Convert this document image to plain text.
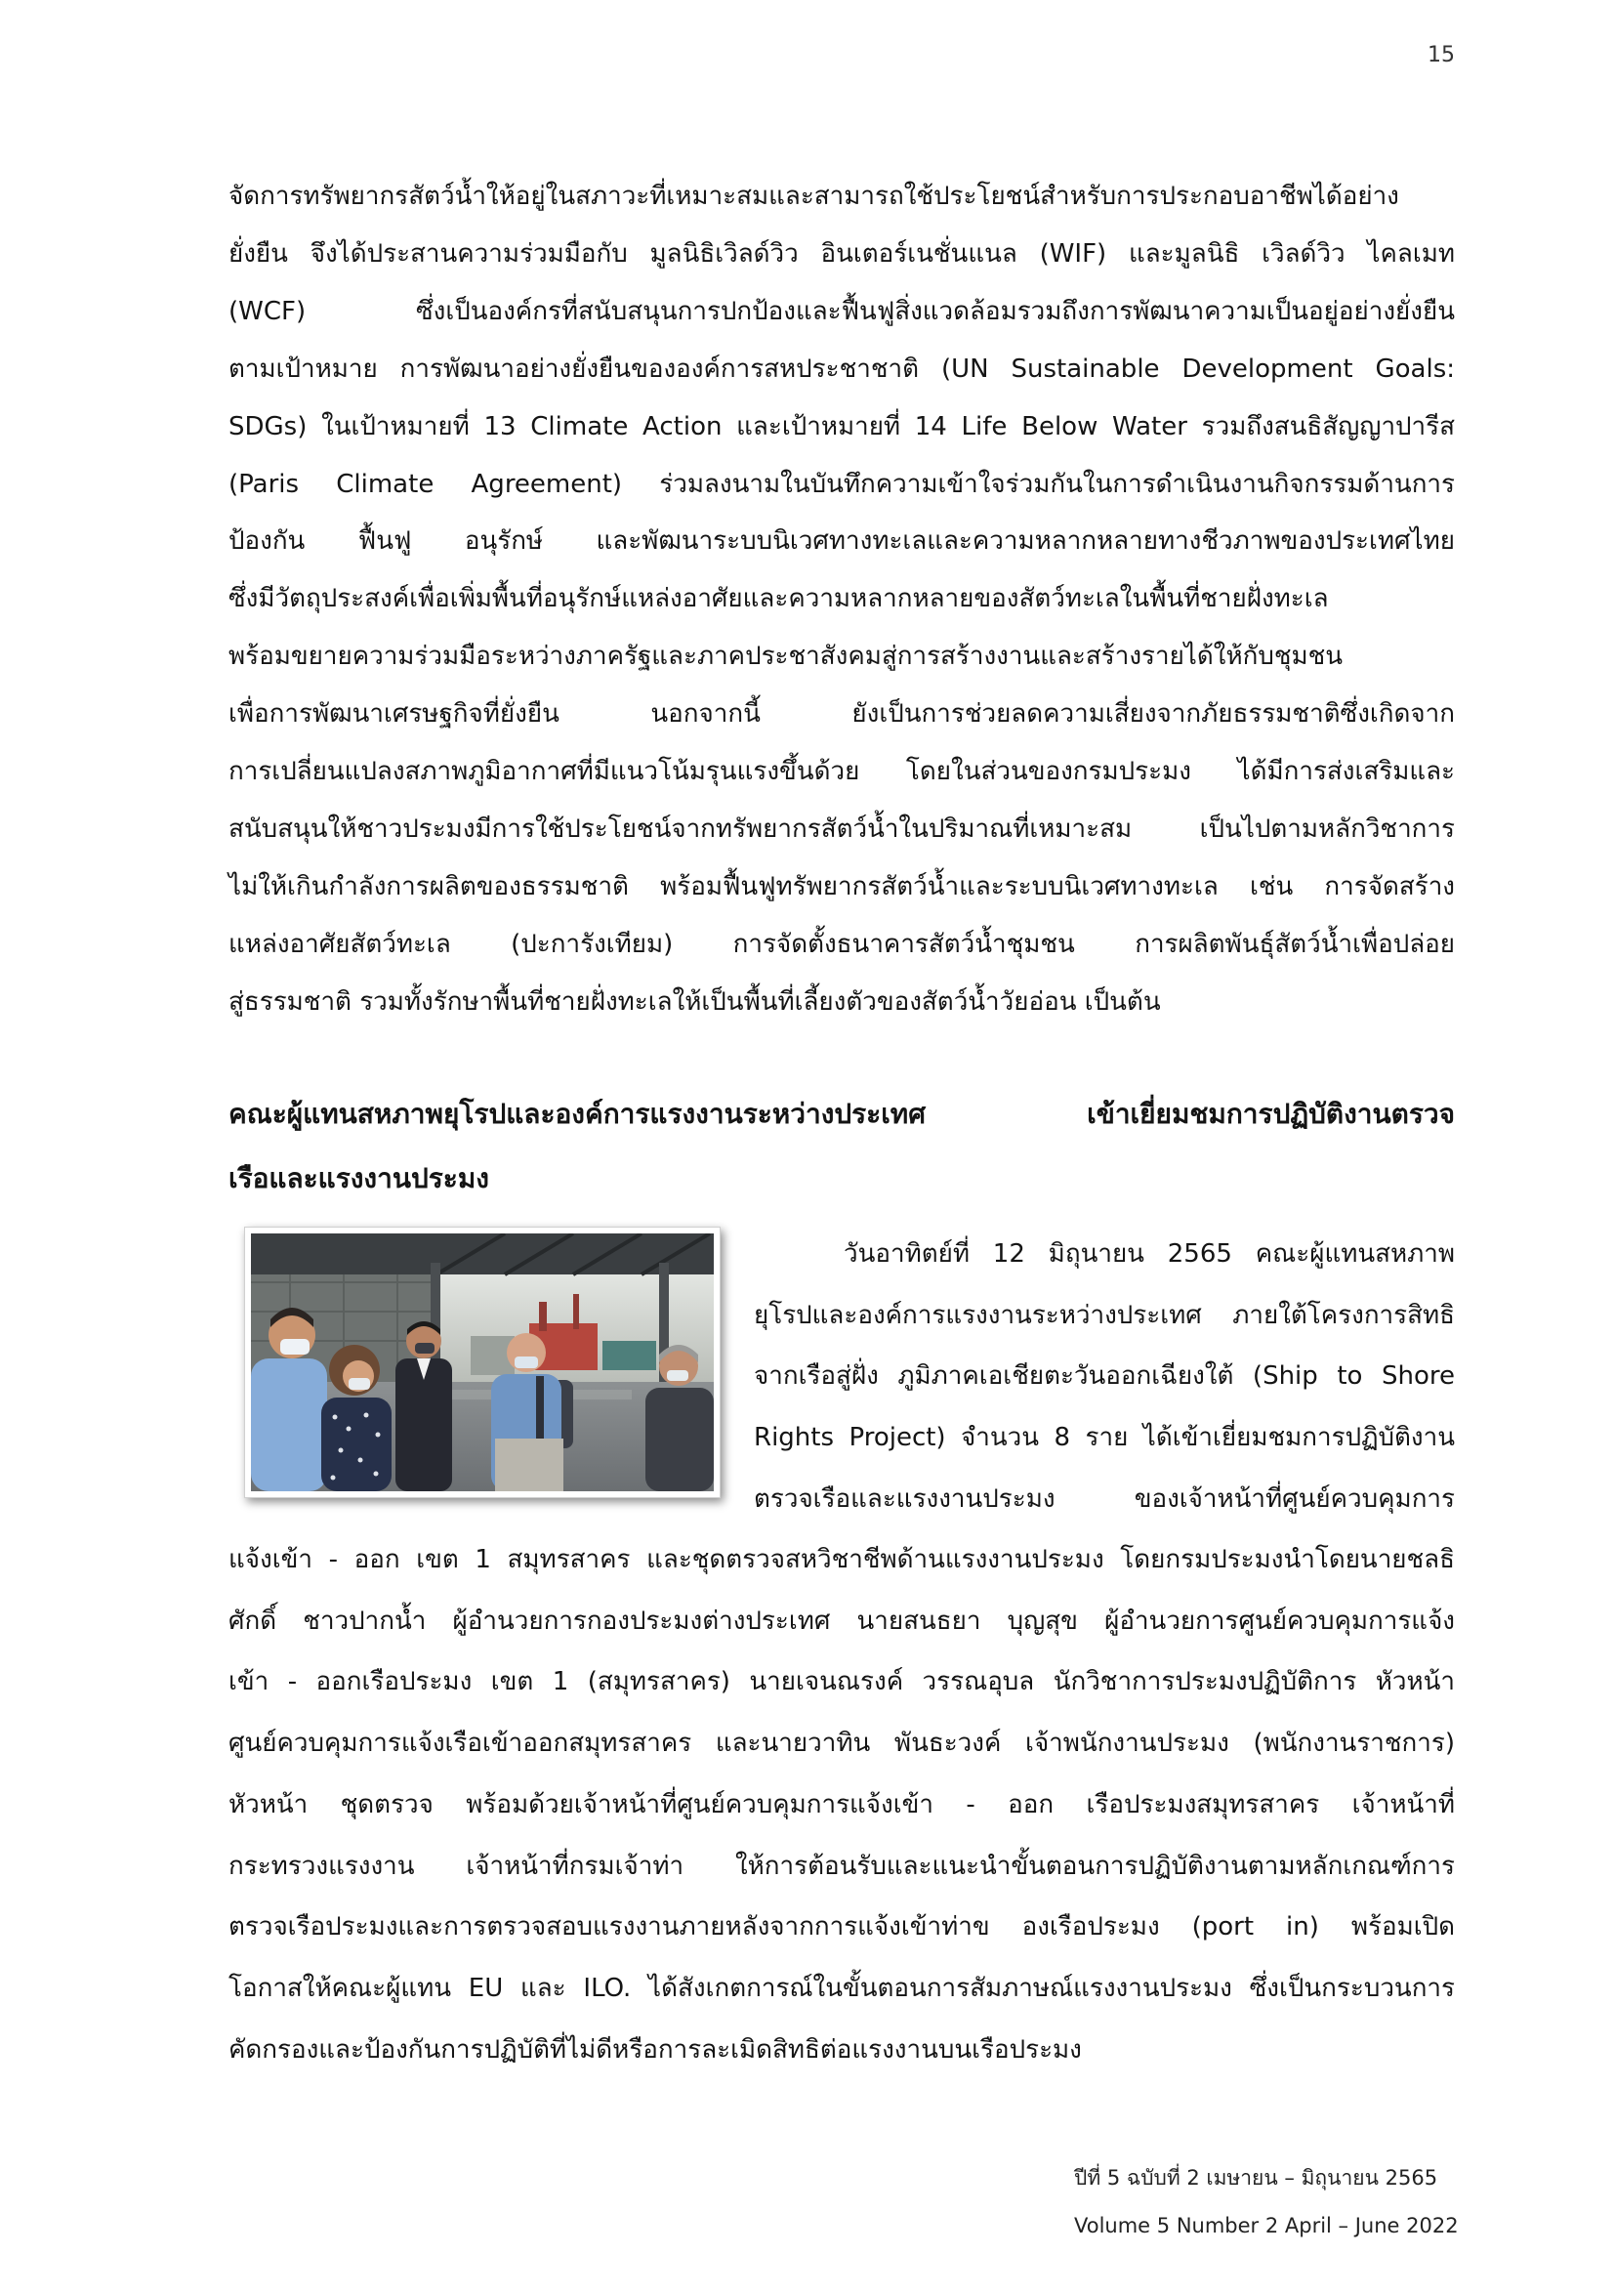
15
จัดการทรัพยากรสัตว์น้ำให้อยู่ในสภาวะที่เหมาะสมและสามารถใช้ประโยชน์สำหรับการประกอบอาชีพได้อย่าง
ยั่งยืน จึงได้ประสานความร่วมมือกับ มูลนิธิเวิลด์วิว อินเตอร์เนชั่นแนล (WIF) และมูลนิธิ เวิลด์วิว ไคลเมท
(WCF) ซึ่งเป็นองค์กรที่สนับสนุนการปกป้องและฟื้นฟูสิ่งแวดล้อมรวมถึงการพัฒนาความเป็นอยู่อย่างยั่งยืน
ตามเป้าหมาย การพัฒนาอย่างยั่งยืนขององค์การสหประชาชาติ (UN Sustainable Development Goals:
SDGs) ในเป้าหมายที่ 13 Climate Action และเป้าหมายที่ 14 Life Below Water รวมถึงสนธิสัญญาปารีส
(Paris Climate Agreement) ร่วมลงนามในบันทึกความเข้าใจร่วมกันในการดำเนินงานกิจกรรมด้านการ
ป้องกัน ฟื้นฟู อนุรักษ์ และพัฒนาระบบนิเวศทางทะเลและความหลากหลายทางชีวภาพของประเทศไทย
ซึ่งมีวัตถุประสงค์เพื่อเพิ่มพื้นที่อนุรักษ์แหล่งอาศัยและความหลากหลายของสัตว์ทะเลในพื้นที่ชายฝั่งทะเล
พร้อมขยายความร่วมมือระหว่างภาครัฐและภาคประชาสังคมสู่การสร้างงานและสร้างรายได้ให้กับชุมชน
เพื่อการพัฒนาเศรษฐกิจที่ยั่งยืน นอกจากนี้ ยังเป็นการช่วยลดความเสี่ยงจากภัยธรรมชาติซึ่งเกิดจาก
การเปลี่ยนแปลงสภาพภูมิอากาศที่มีแนวโน้มรุนแรงขึ้นด้วย โดยในส่วนของกรมประมง ได้มีการส่งเสริมและ
สนับสนุนให้ชาวประมงมีการใช้ประโยชน์จากทรัพยากรสัตว์น้ำในปริมาณที่เหมาะสม เป็นไปตามหลักวิชาการ
ไม่ให้เกินกำลังการผลิตของธรรมชาติ พร้อมฟื้นฟูทรัพยากรสัตว์น้ำและระบบนิเวศทางทะเล เช่น การจัดสร้าง
แหล่งอาศัยสัตว์ทะเล (ปะการังเทียม) การจัดตั้งธนาคารสัตว์น้ำชุมชน การผลิตพันธุ์สัตว์น้ำเพื่อปล่อย
สู่ธรรมชาติ รวมทั้งรักษาพื้นที่ชายฝั่งทะเลให้เป็นพื้นที่เลี้ยงตัวของสัตว์น้ำวัยอ่อน เป็นต้น
คณะผู้แทนสหภาพยุโรปและองค์การแรงงานระหว่างประเทศ เข้าเยี่ยมชมการปฏิบัติงานตรวจ
เรือและแรงงานประมง
วันอาทิตย์ที่ 12 มิถุนายน 2565 คณะผู้แทนสหภาพ
ยุโรปและองค์การแรงงานระหว่างประเทศ ภายใต้โครงการสิทธิ
จากเรือสู่ฝั่ง ภูมิภาคเอเชียตะวันออกเฉียงใต้ (Ship to Shore
Rights Project) จำนวน 8 ราย ได้เข้าเยี่ยมชมการปฏิบัติงาน
ตรวจเรือและแรงงานประมง ของเจ้าหน้าที่ศูนย์ควบคุมการ
แจ้งเข้า - ออก เขต 1 สมุทรสาคร และชุดตรวจสหวิชาชีพด้านแรงงานประมง โดยกรมประมงนำโดยนายชลธิ
ศักดิ์ ชาวปากน้ำ ผู้อำนวยการกองประมงต่างประเทศ นายสนธยา บุญสุข ผู้อำนวยการศูนย์ควบคุมการแจ้ง
เข้า - ออกเรือประมง เขต 1 (สมุทรสาคร) นายเจนณรงค์ วรรณอุบล นักวิชาการประมงปฏิบัติการ หัวหน้า
ศูนย์ควบคุมการแจ้งเรือเข้าออกสมุทรสาคร และนายวาทิน พันธะวงค์ เจ้าพนักงานประมง (พนักงานราชการ)
หัวหน้า ชุดตรวจ พร้อมด้วยเจ้าหน้าที่ศูนย์ควบคุมการแจ้งเข้า - ออก เรือประมงสมุทรสาคร เจ้าหน้าที่
กระทรวงแรงงาน เจ้าหน้าที่กรมเจ้าท่า ให้การต้อนรับและแนะนำขั้นตอนการปฏิบัติงานตามหลักเกณฑ์การ
ตรวจเรือประมงและการตรวจสอบแรงงานภายหลังจากการแจ้งเข้าท่าข องเรือประมง (port in) พร้อมเปิด
โอกาสให้คณะผู้แทน EU และ ILO. ได้สังเกตการณ์ในขั้นตอนการสัมภาษณ์แรงงานประมง ซึ่งเป็นกระบวนการ
คัดกรองและป้องกันการปฏิบัติที่ไม่ดีหรือการละเมิดสิทธิต่อแรงงานบนเรือประมง
ปีที่ 5 ฉบับที่ 2 เมษายน – มิถุนายน 2565
Volume 5 Number 2 April – June 2022
